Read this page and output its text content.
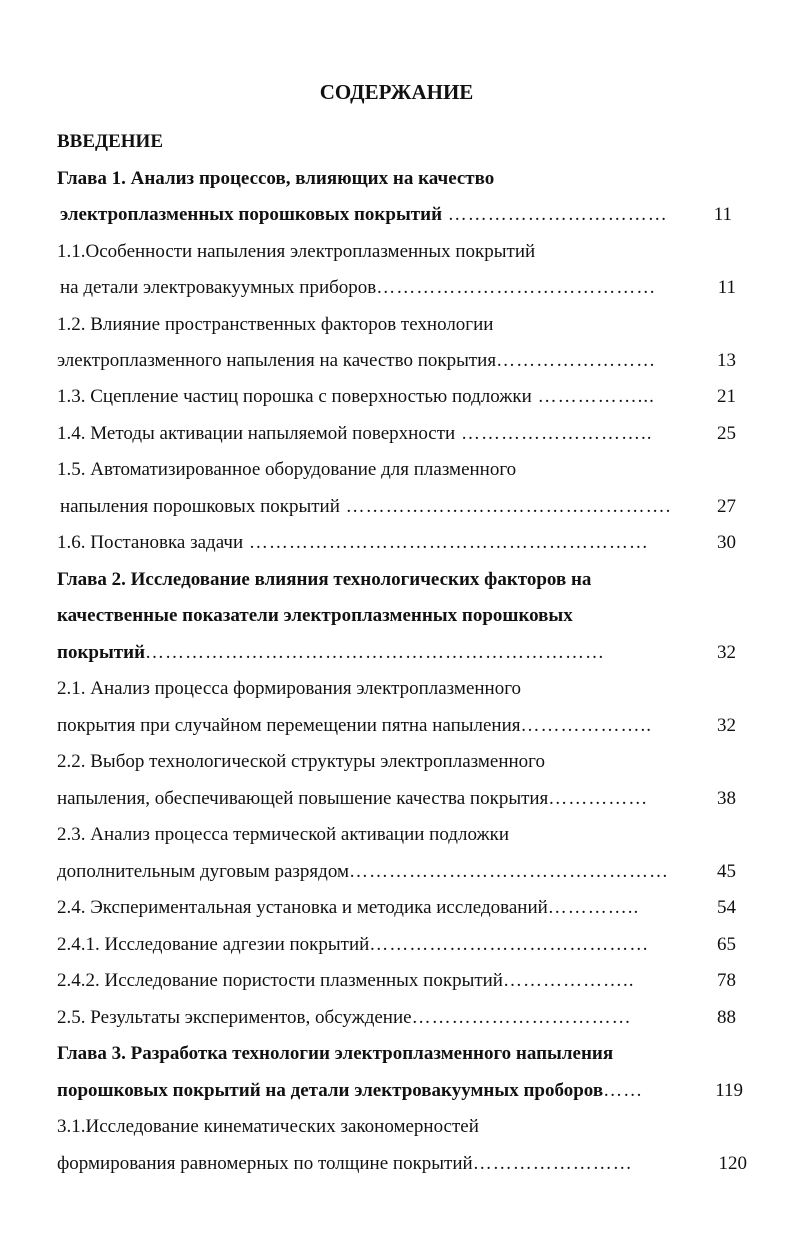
СОДЕРЖАНИЕ
ВВЕДЕНИЕ
Глава 1. Анализ процессов, влияющих на качество
электроплазменных порошковых покрытий ……………………………	11
1.1.Особенности напыления электроплазменных покрытий
на детали электровакуумных приборов……………………………………	11
1.2. Влияние пространственных факторов технологии
электроплазменного напыления на качество покрытия……………………	13
1.3. Сцепление частиц порошка с поверхностью подложки ……………...	21
1.4. Методы активации напыляемой поверхности ………………………..	25
1.5. Автоматизированное оборудование для плазменного
напыления порошковых покрытий ………………………………………….	27
1.6. Постановка задачи ……………………………………………………	30
Глава 2. Исследование влияния технологических факторов на
качественные показатели электроплазменных порошковых
покрытий……………………………………………………………	32
2.1. Анализ процесса формирования электроплазменного
покрытия при случайном перемещении пятна напыления………………..	32
2.2. Выбор технологической структуры электроплазменного
напыления, обеспечивающей повышение качества покрытия……………	38
2.3. Анализ процесса термической активации подложки
дополнительным дуговым разрядом…………………………………………	45
2.4. Экспериментальная установка и методика исследований…………..	54
2.4.1. Исследование адгезии покрытий……………………………………	65
2.4.2. Исследование пористости плазменных покрытий………………..	78
2.5. Результаты экспериментов, обсуждение……………………………	88
Глава 3. Разработка технологии электроплазменного напыления
порошковых покрытий на детали электровакуумных проборов……	119
3.1.Исследование кинематических закономерностей
формирования равномерных по толщине покрытий……………………	120
